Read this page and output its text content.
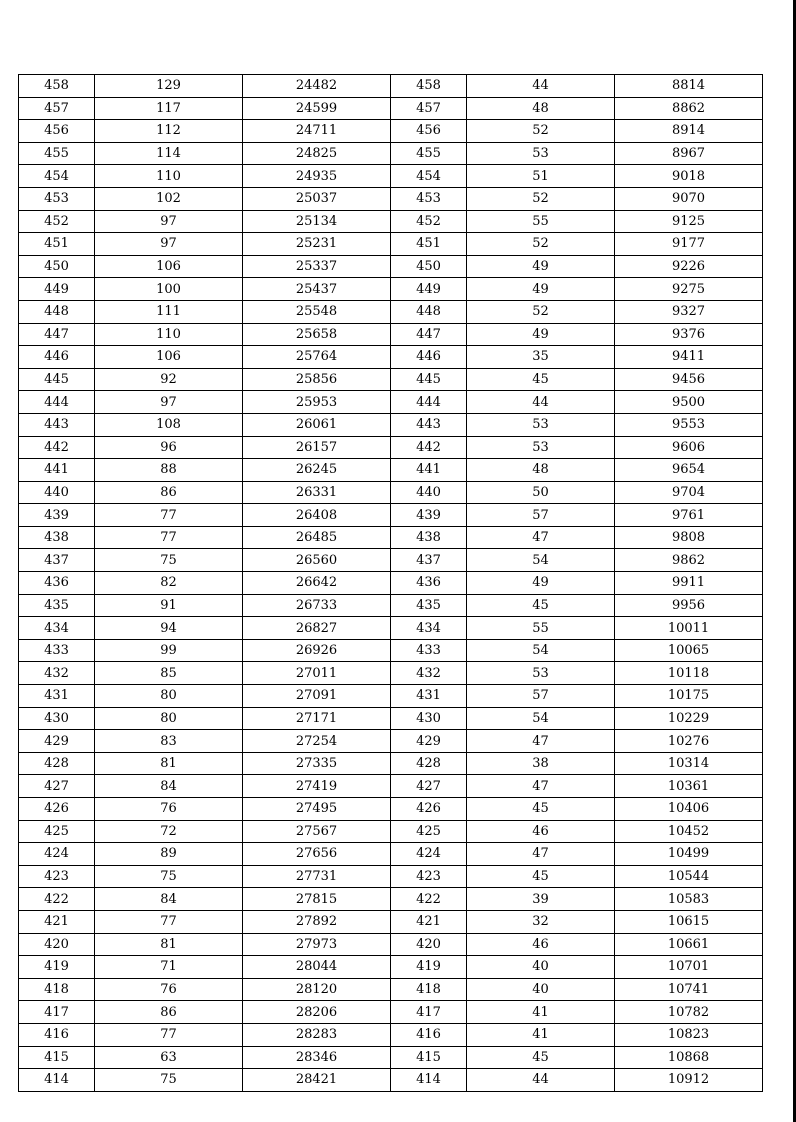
458	129	24482	458	44	8814
457	117	24599	457	48	8862
456	112	24711	456	52	8914
455	114	24825	455	53	8967
454	110	24935	454	51	9018
453	102	25037	453	52	9070
452	97	25134	452	55	9125
451	97	25231	451	52	9177
450	106	25337	450	49	9226
449	100	25437	449	49	9275
448	111	25548	448	52	9327
447	110	25658	447	49	9376
446	106	25764	446	35	9411
445	92	25856	445	45	9456
444	97	25953	444	44	9500
443	108	26061	443	53	9553
442	96	26157	442	53	9606
441	88	26245	441	48	9654
440	86	26331	440	50	9704
439	77	26408	439	57	9761
438	77	26485	438	47	9808
437	75	26560	437	54	9862
436	82	26642	436	49	9911
435	91	26733	435	45	9956
434	94	26827	434	55	10011
433	99	26926	433	54	10065
432	85	27011	432	53	10118
431	80	27091	431	57	10175
430	80	27171	430	54	10229
429	83	27254	429	47	10276
428	81	27335	428	38	10314
427	84	27419	427	47	10361
426	76	27495	426	45	10406
425	72	27567	425	46	10452
424	89	27656	424	47	10499
423	75	27731	423	45	10544
422	84	27815	422	39	10583
421	77	27892	421	32	10615
420	81	27973	420	46	10661
419	71	28044	419	40	10701
418	76	28120	418	40	10741
417	86	28206	417	41	10782
416	77	28283	416	41	10823
415	63	28346	415	45	10868
414	75	28421	414	44	10912
